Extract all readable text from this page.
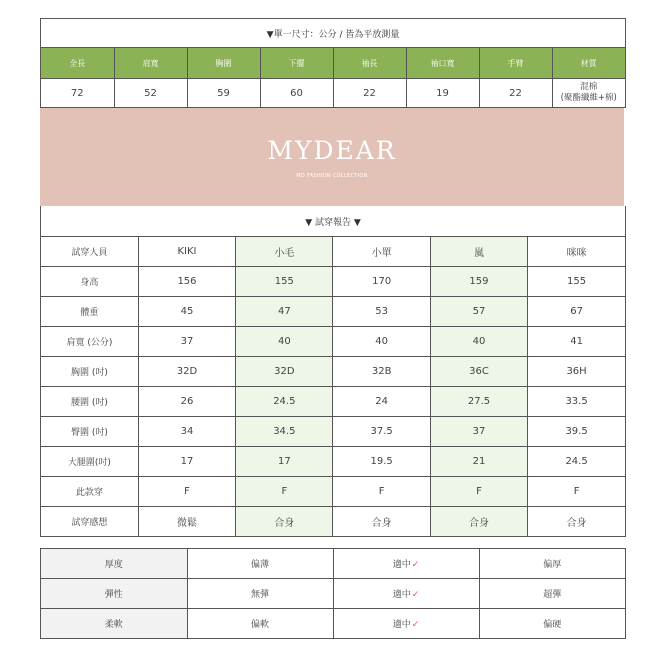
▼單一尺寸：公分 / 皆為平放測量
全長	肩寬	胸圍	下擺	袖長	袖口寬	手臂	材質
72	52	59	60	22	19	22	混棉
(聚酯纖維+棉)
MYDEAR
MD FASHION COLLECTION
▼ 試穿報告 ▼
試穿人員	KIKI	小毛	小單	嵐	咪咪
身高	156	155	170	159	155
體重	45	47	53	57	67
肩寬 (公分)	37	40	40	40	41
胸圍 (吋)	32D	32D	32B	36C	36H
腰圍 (吋)	26	24.5	24	27.5	33.5
臀圍 (吋)	34	34.5	37.5	37	39.5
大腿圍(吋)	17	17	19.5	21	24.5
此款穿	F	F	F	F	F
試穿感想	微鬆	合身	合身	合身	合身
厚度	偏薄	適中✓	偏厚
彈性	無彈	適中✓	超彈
柔軟	偏軟	適中✓	偏硬
